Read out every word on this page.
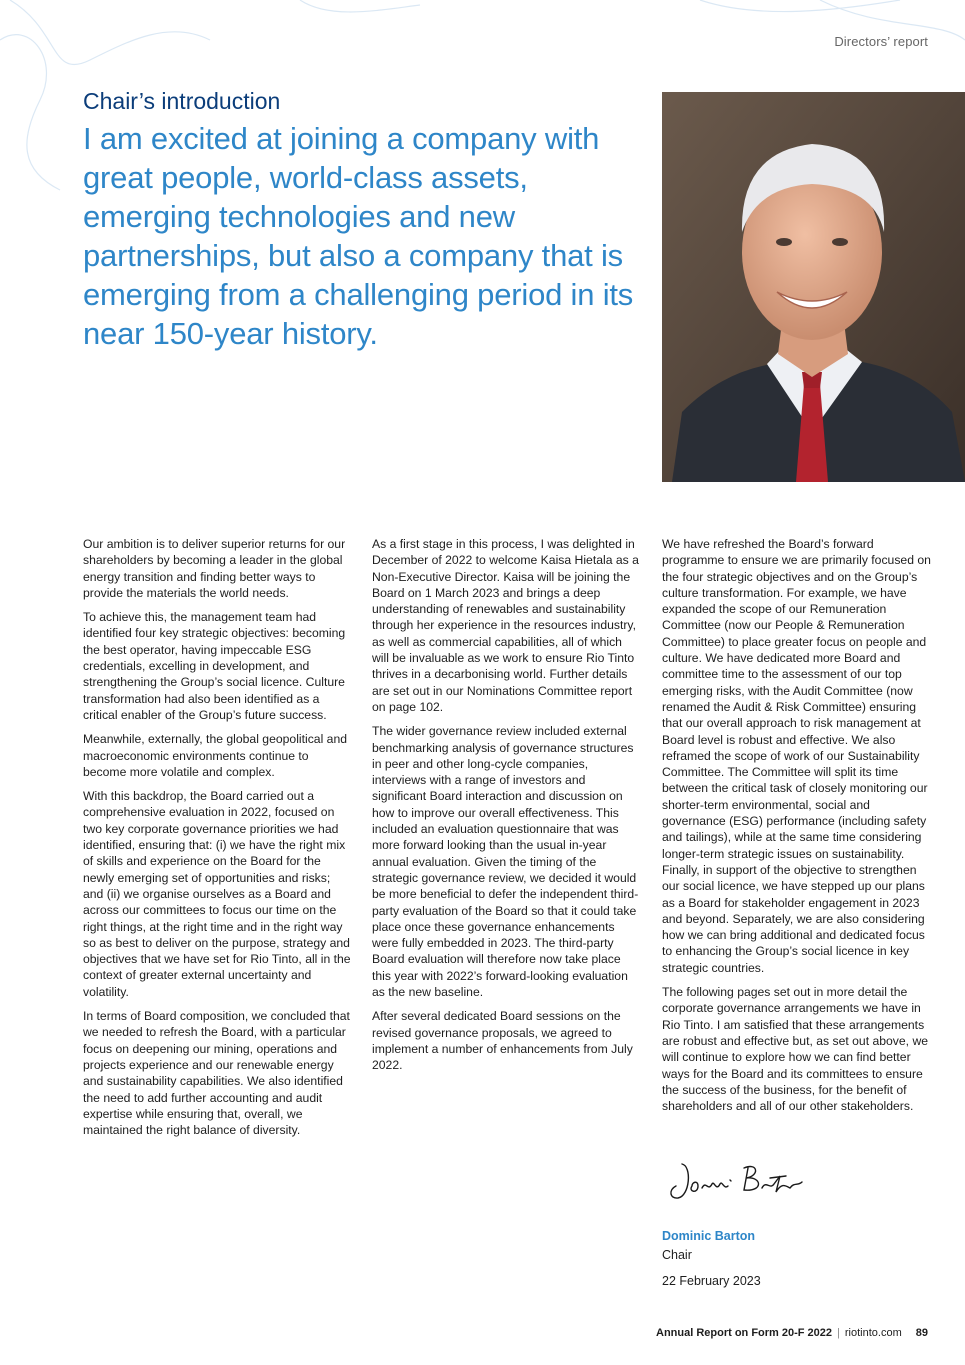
Directors’ report
Chair’s introduction

I am excited at joining a company with great people, world-class assets, emerging technologies and new partnerships, but also a company that is emerging from a challenging period in its near 150-year history.

Our ambition is to deliver superior returns for our shareholders by becoming a leader in the global energy transition and finding better ways to provide the materials the world needs.

To achieve this, the management team had identified four key strategic objectives: becoming the best operator, having impeccable ESG credentials, excelling in development, and strengthening the Group’s social licence. Culture transformation had also been identified as a critical enabler of the Group’s future success.

Meanwhile, externally, the global geopolitical and macroeconomic environments continue to become more volatile and complex.

With this backdrop, the Board carried out a comprehensive evaluation in 2022, focused on two key corporate governance priorities we had identified, ensuring that: (i) we have the right mix of skills and experience on the Board for the newly emerging set of opportunities and risks; and (ii) we organise ourselves as a Board and across our committees to focus our time on the right things, at the right time and in the right way so as best to deliver on the purpose, strategy and objectives that we have set for Rio Tinto, all in the context of greater external uncertainty and volatility.

In terms of Board composition, we concluded that we needed to refresh the Board, with a particular focus on deepening our mining, operations and projects experience and our renewable energy and sustainability capabilities. We also identified the need to add further accounting and audit expertise while ensuring that, overall, we maintained the right balance of diversity.

As a first stage in this process, I was delighted in December of 2022 to welcome Kaisa Hietala as a Non-Executive Director. Kaisa will be joining the Board on 1 March 2023 and brings a deep understanding of renewables and sustainability through her experience in the resources industry, as well as commercial capabilities, all of which will be invaluable as we work to ensure Rio Tinto thrives in a decarbonising world. Further details are set out in our Nominations Committee report on page 102.

The wider governance review included external benchmarking analysis of governance structures in peer and other long-cycle companies, interviews with a range of investors and significant Board interaction and discussion on how to improve our overall effectiveness. This included an evaluation questionnaire that was more forward looking than the usual in-year annual evaluation. Given the timing of the strategic governance review, we decided it would be more beneficial to defer the independent third-party evaluation of the Board so that it could take place once these governance enhancements were fully embedded in 2023. The third-party Board evaluation will therefore now take place this year with 2022’s forward-looking evaluation as the new baseline.

After several dedicated Board sessions on the revised governance proposals, we agreed to implement a number of enhancements from July 2022.

We have refreshed the Board’s forward programme to ensure we are primarily focused on the four strategic objectives and on the Group’s culture transformation. For example, we have expanded the scope of our Remuneration Committee (now our People & Remuneration Committee) to place greater focus on people and culture. We have dedicated more Board and committee time to the assessment of our top emerging risks, with the Audit Committee (now renamed the Audit & Risk Committee) ensuring that our overall approach to risk management at Board level is robust and effective. We also reframed the scope of work of our Sustainability Committee. The Committee will split its time between the critical task of closely monitoring our shorter-term environmental, social and governance (ESG) performance (including safety and tailings), while at the same time considering longer-term strategic issues on sustainability. Finally, in support of the objective to strengthen our social licence, we have stepped up our plans as a Board for stakeholder engagement in 2023 and beyond. Separately, we are also considering how we can bring additional and dedicated focus to enhancing the Group’s social licence in key strategic countries.

The following pages set out in more detail the corporate governance arrangements we have in Rio Tinto. I am satisfied that these arrangements are robust and effective but, as set out above, we will continue to explore how we can find better ways for the Board and its committees to ensure the success of the business, for the benefit of shareholders and all of our other stakeholders.

Dominic Barton

Chair

22 February 2023

Annual Report on Form 20-F 2022 | riotinto.com 89
